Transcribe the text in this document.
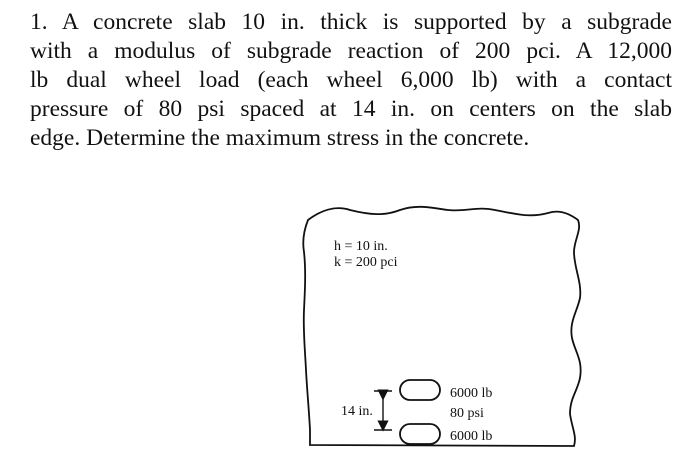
1. A concrete slab 10 in. thick is supported by a subgrade
with a modulus of subgrade reaction of 200 pci. A 12,000
lb dual wheel load (each wheel 6,000 lb) with a contact
pressure of 80 psi spaced at 14 in. on centers on the slab
edge. Determine the maximum stress in the concrete.
h = 10 in.
k = 200 pci
14 in.
6000 lb
80 psi
6000 lb
